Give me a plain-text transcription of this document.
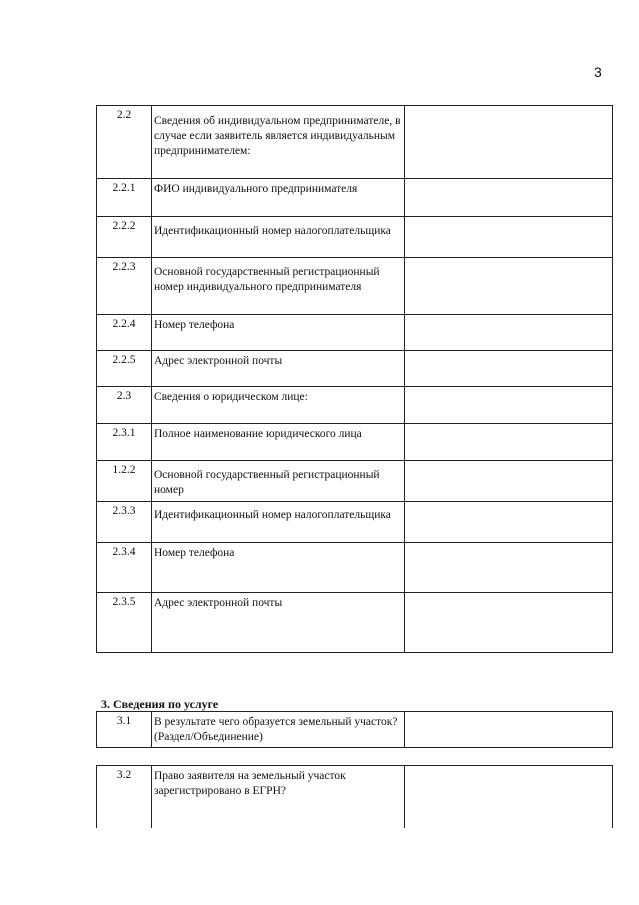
3
2.2	Сведения об индивидуальном предпринимателе, в случае если заявитель является индивидуальным предпринимателем:	
2.2.1	ФИО индивидуального предпринимателя	
2.2.2	Идентификационный номер налогоплательщика	
2.2.3	Основной государственный регистрационный номер индивидуального предпринимателя	
2.2.4	Номер телефона	
2.2.5	Адрес электронной почты	
2.3	Сведения о юридическом лице:	
2.3.1	Полное наименование юридического лица	
1.2.2	Основной государственный регистрационный номер	
2.3.3	Идентификационный номер налогоплательщика	
2.3.4	Номер телефона	
2.3.5	Адрес электронной почты	
3. Сведения по услуге
3.1	В результате чего образуется земельный участок? (Раздел/Объединение)	
3.2	Право заявителя на земельный участок зарегистрировано в ЕГРН?	
